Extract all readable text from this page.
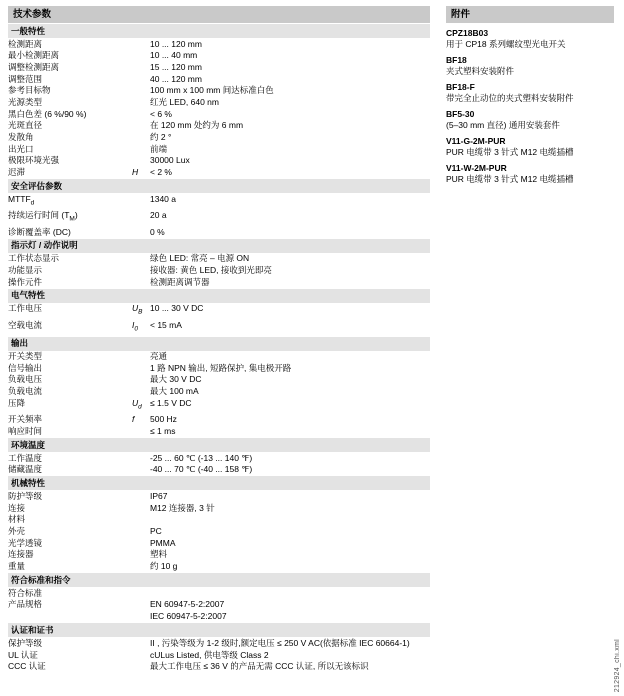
技术参数
一般特性
检测距离		10 ... 120 mm
最小检测距离		10 ... 40 mm
调整检测距离		15 ... 120 mm
调整范围		40 ... 120 mm
参考目标物		100 mm x 100 mm 间达标准白色
光源类型		红光 LED, 640 nm
黑白色差 (6 %/90 %)		< 6 %
光斑直径		在 120 mm 处约为 6 mm
发散角		约 2 °
出光口		前端
极限环境光强		30000 Lux
迟滞	H	< 2 %
安全评估参数
$MTTF_d$		1340 a
持续运行时间 $(T_M)$		20 a
诊断覆盖率 (DC)		0 %
指示灯 / 动作说明
工作状态显示		绿色 LED: 常亮 – 电源 ON
功能显示		接收器: 黄色 LED, 接收到光即亮
操作元件		检测距离调节器
电气特性
工作电压	$U_B$	10 ... 30 V DC
空载电流	$I_0$	< 15 mA
输出
开关类型		亮通
信号输出		1 路 NPN 输出, 短路保护, 集电极开路
负载电压		最大 30 V DC
负载电流		最大 100 mA
压降	$U_d$	≤ 1.5 V DC
开关频率	f	500 Hz
响应时间		≤ 1 ms
环境温度
工作温度		-25 ... 60 ℃ (-13 ... 140 ℉)
储藏温度		-40 ... 70 ℃ (-40 ... 158 ℉)
机械特性
防护等级		IP67
连接		M12 连接器, 3 针
材料		
外壳		PC
光学透镜		PMMA
连接器		塑料
重量		约 10 g
符合标准和指令
符合标准		
产品规格		EN 60947-5-2:2007
		IEC 60947-5-2:2007
认证和证书
保护等级		II , 污染等级为 1-2 级时,额定电压 ≤ 250 V AC(依据标准 IEC 60664-1)
UL 认证		cULus Listed, 供电等级 Class 2
CCC 认证		最大工作电压 ≤ 36 V 的产品无需 CCC 认证, 所以无该标识
附件
CPZ18B03
用于 CP18 系列螺纹型光电开关
BF18
夹式塑料安装附件
BF18-F
带完全止动位的夹式塑料安装附件
BF5-30
(5–30 mm 直径) 通用安装套件
V11-G-2M-PUR
PUR 电缆带 3 针式 M12 电缆插槽
V11-W-2M-PUR
PUR 电缆带 3 针式 M12 电缆插槽
212924_chi.xml
